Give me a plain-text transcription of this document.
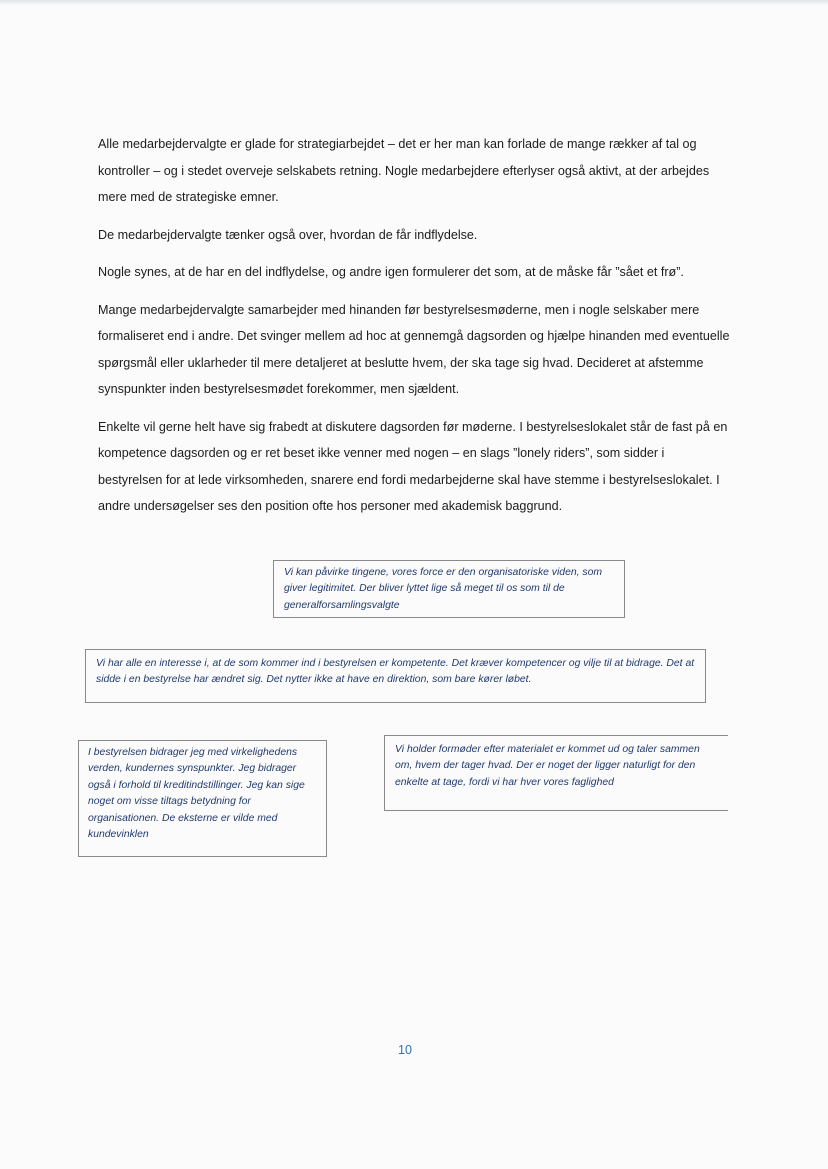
Alle medarbejdervalgte er glade for strategiarbejdet – det er her man kan forlade de mange rækker af tal og kontroller – og i stedet overveje selskabets retning. Nogle medarbejdere efterlyser også aktivt, at der arbejdes mere med de strategiske emner.

De medarbejdervalgte tænker også over, hvordan de får indflydelse.

Nogle synes, at de har en del indflydelse, og andre igen formulerer det som, at de måske får ”sået et frø”.

Mange medarbejdervalgte samarbejder med hinanden før bestyrelsesmøderne, men i nogle selskaber mere formaliseret end i andre. Det svinger mellem ad hoc at gennemgå dagsorden og hjælpe hinanden med eventuelle spørgsmål eller uklarheder til mere detaljeret at beslutte hvem, der ska tage sig hvad. Decideret at afstemme synspunkter inden bestyrelsesmødet forekommer, men sjældent.

Enkelte vil gerne helt have sig frabedt at diskutere dagsorden før møderne. I bestyrelseslokalet står de fast på en kompetence dagsorden og er ret beset ikke venner med nogen – en slags ”lonely riders”, som sidder i bestyrelsen for at lede virksomheden, snarere end fordi medarbejderne skal have stemme i bestyrelseslokalet. I andre undersøgelser ses den position ofte hos personer med akademisk baggrund.

Vi kan påvirke tingene, vores force er den organisatoriske viden, som giver legitimitet. Der bliver lyttet lige så meget til os som til de generalforsamlingsvalgte
Vi har alle en interesse i, at de som kommer ind i bestyrelsen er kompetente. Det kræver kompetencer og vilje til at bidrage. Det at sidde i en bestyrelse har ændret sig. Det nytter ikke at have en direktion, som bare kører løbet.
I bestyrelsen bidrager jeg med virkelighedens verden, kundernes synspunkter. Jeg bidrager også i forhold til kreditindstillinger. Jeg kan sige noget om visse tiltags betydning for organisationen. De eksterne er vilde med kundevinklen
Vi holder formøder efter materialet er kommet ud og taler sammen om, hvem der tager hvad. Der er noget der ligger naturligt for den enkelte at tage, fordi vi har hver vores faglighed
10
